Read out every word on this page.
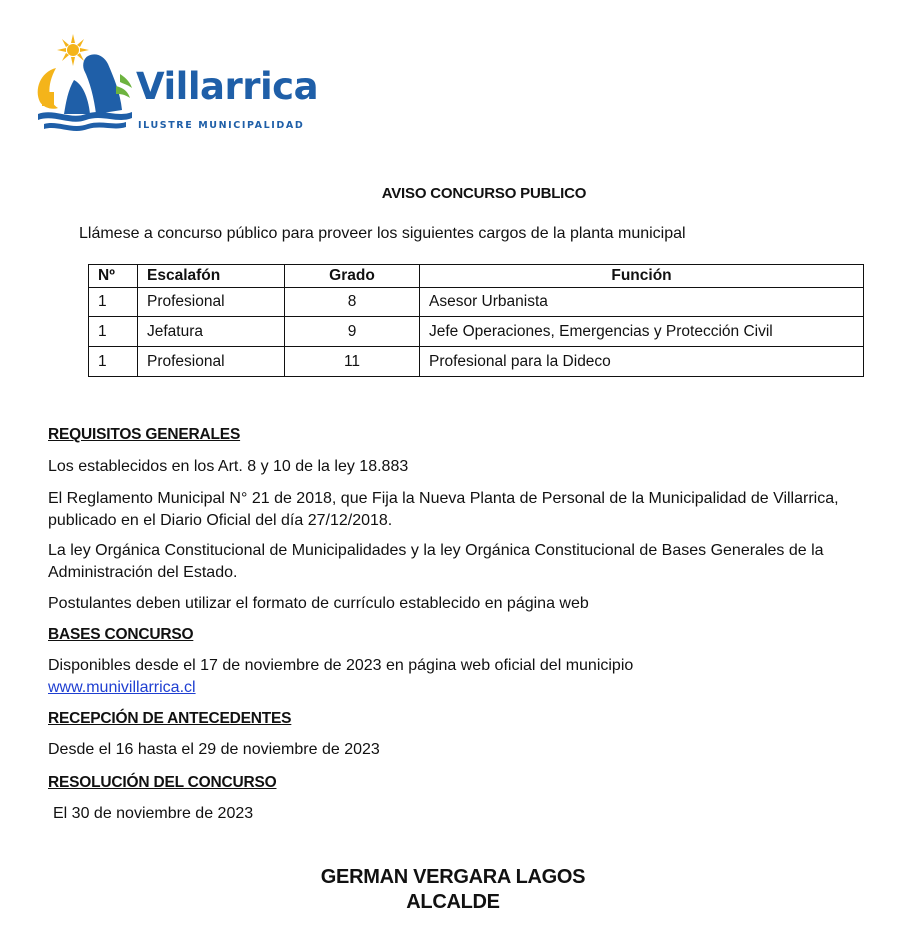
Villarrica
ILUSTRE MUNICIPALIDAD
AVISO CONCURSO PUBLICO
Llámese a concurso público para proveer los siguientes cargos de la planta municipal
Nº	Escalafón	Grado	Función
1	Profesional	8	Asesor Urbanista
1	Jefatura	9	Jefe Operaciones, Emergencias y Protección Civil
1	Profesional	11	Profesional para la Dideco
REQUISITOS GENERALES
Los establecidos en los Art. 8 y 10 de la ley 18.883
El Reglamento Municipal N° 21 de 2018, que Fija la Nueva Planta de Personal de la Municipalidad de Villarrica, publicado en el Diario Oficial del día 27/12/2018.
La ley Orgánica Constitucional de Municipalidades y la ley Orgánica Constitucional de Bases Generales de la Administración del Estado.
Postulantes deben utilizar el formato de currículo establecido en página web
BASES CONCURSO
Disponibles desde el 17 de noviembre de 2023 en página web oficial del municipio
www.munivillarrica.cl
RECEPCIÓN DE ANTECEDENTES
Desde el 16 hasta el 29 de noviembre de 2023
RESOLUCIÓN DEL CONCURSO
El 30 de noviembre de 2023
GERMAN VERGARA LAGOS
ALCALDE
